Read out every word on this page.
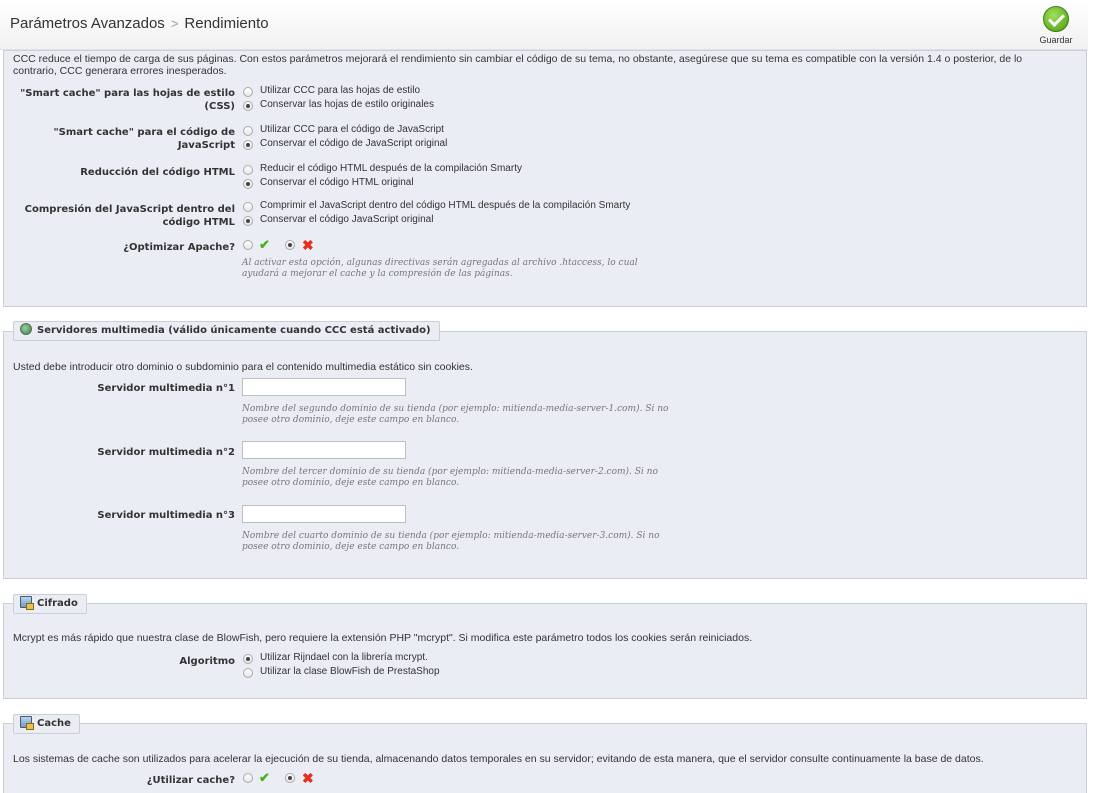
Parámetros Avanzados > Rendimiento
Guardar
CCC reduce el tiempo de carga de sus páginas. Con estos parámetros mejorará el rendimiento sin cambiar el código de su tema, no obstante, asegúrese que su tema es compatible con la versión 1.4 o posterior, de lo contrario, CCC generara errores inesperados.
"Smart cache" para las hojas de estilo (CSS)
Utilizar CCC para las hojas de estilo
Conservar las hojas de estilo originales
"Smart cache" para el código de JavaScript
Utilizar CCC para el código de JavaScript
Conservar el código de JavaScript original
Reducción del código HTML	Reducir el código HTML después de la compilación Smarty
Conservar el código HTML original
Compresión del JavaScript dentro del código HTML
Comprimir el JavaScript dentro del código HTML después de la compilación Smarty
Conservar el código JavaScript original
¿Optimizar Apache? ✔ ✖
Al activar esta opción, algunas directivas serán agregadas al archivo .htaccess, lo cual ayudará a mejorar el cache y la compresión de las páginas.
Servidores multimedia (válido únicamente cuando CCC está activado)
Usted debe introducir otro dominio o subdominio para el contenido multimedia estático sin cookies.
Servidor multimedia n°1
Nombre del segundo dominio de su tienda (por ejemplo: mitienda-media-server-1.com). Si no posee otro dominio, deje este campo en blanco.
Servidor multimedia n°2
Nombre del tercer dominio de su tienda (por ejemplo: mitienda-media-server-2.com). Si no posee otro dominio, deje este campo en blanco.
Servidor multimedia n°3
Nombre del cuarto dominio de su tienda (por ejemplo: mitienda-media-server-3.com). Si no posee otro dominio, deje este campo en blanco.
Cifrado
Mcrypt es más rápido que nuestra clase de BlowFish, pero requiere la extensión PHP "mcrypt". Si modifica este parámetro todos los cookies serán reiniciados.
Algoritmo	Utilizar Rijndael con la librería mcrypt.
Utilizar la clase BlowFish de PrestaShop
Cache
Los sistemas de cache son utilizados para acelerar la ejecución de su tienda, almacenando datos temporales en su servidor; evitando de esta manera, que el servidor consulte continuamente la base de datos.
¿Utilizar cache? ✔ ✖
